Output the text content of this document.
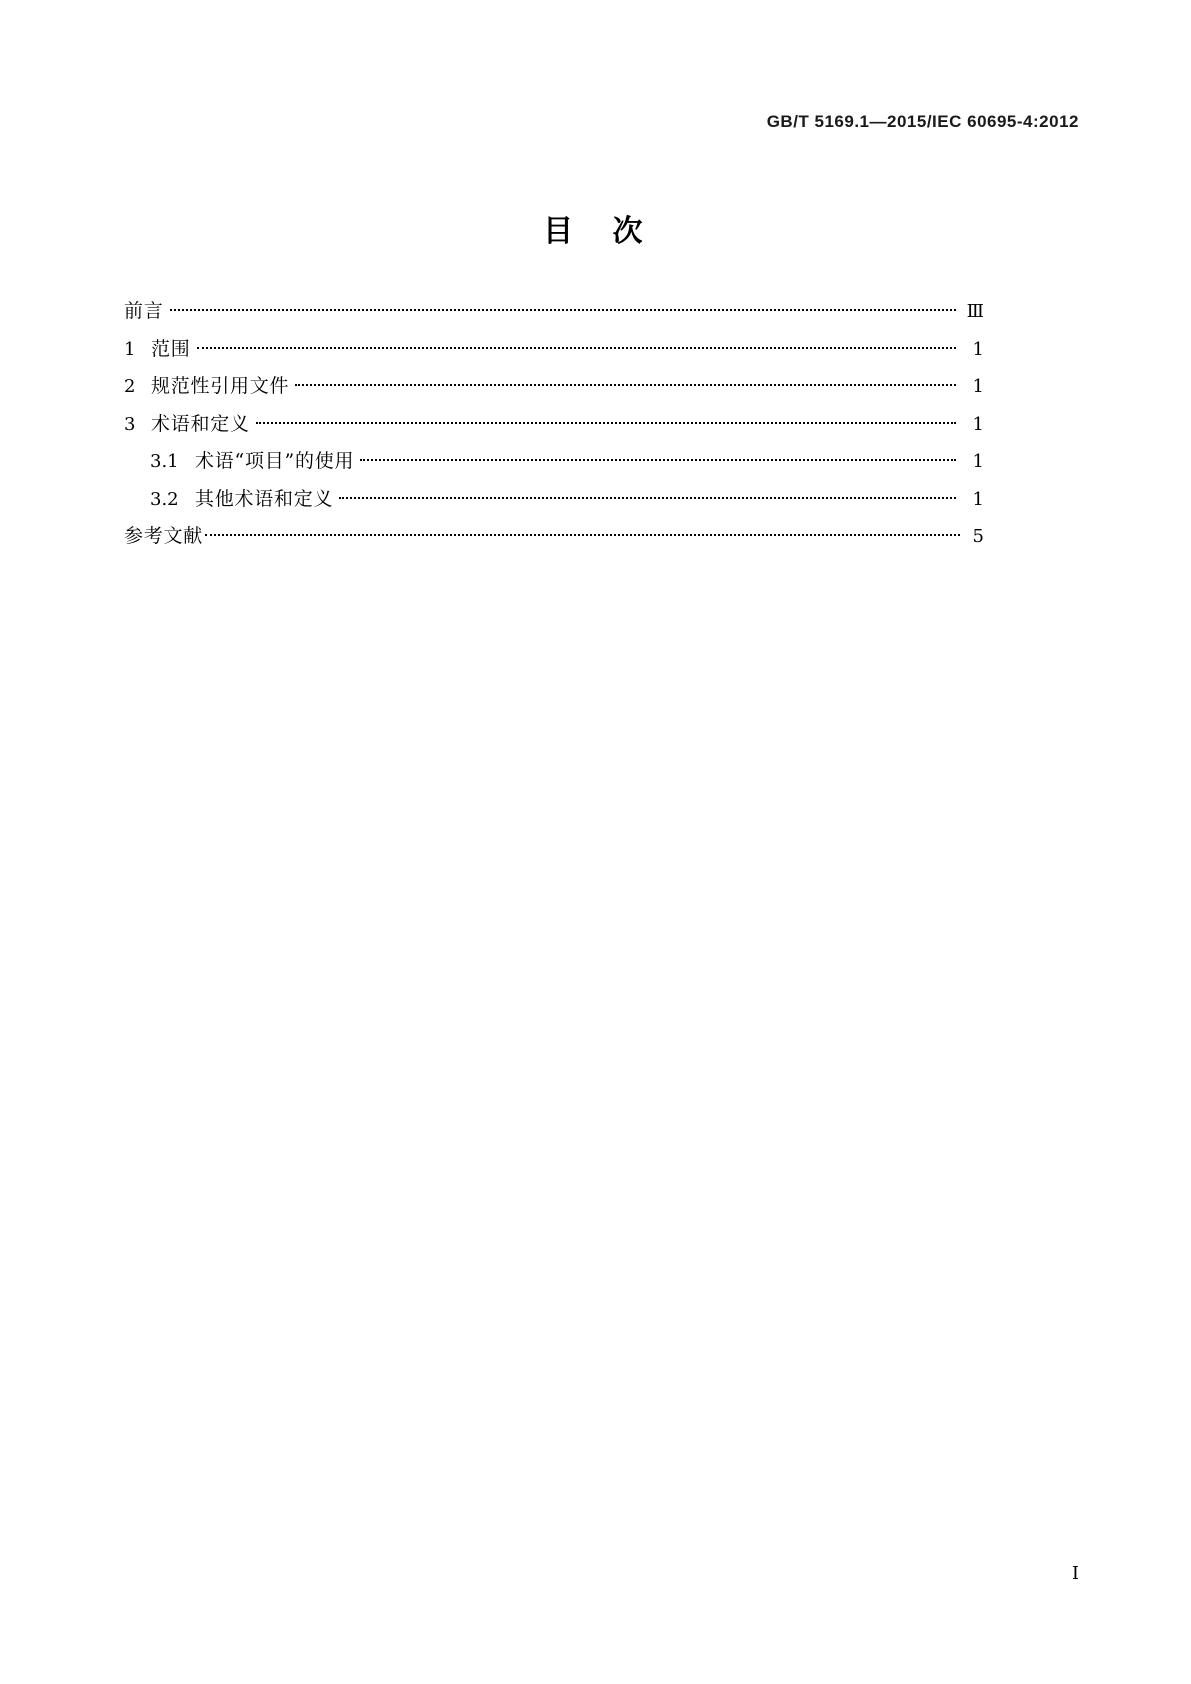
GB/T 5169.1—2015/IEC 60695-4:2012
目 次
前言	Ⅲ
1 范围	1
2 规范性引用文件	1
3 术语和定义	1
3.1 术语“项目”的使用	1
3.2 其他术语和定义	1
参考文献	5
Ⅰ
